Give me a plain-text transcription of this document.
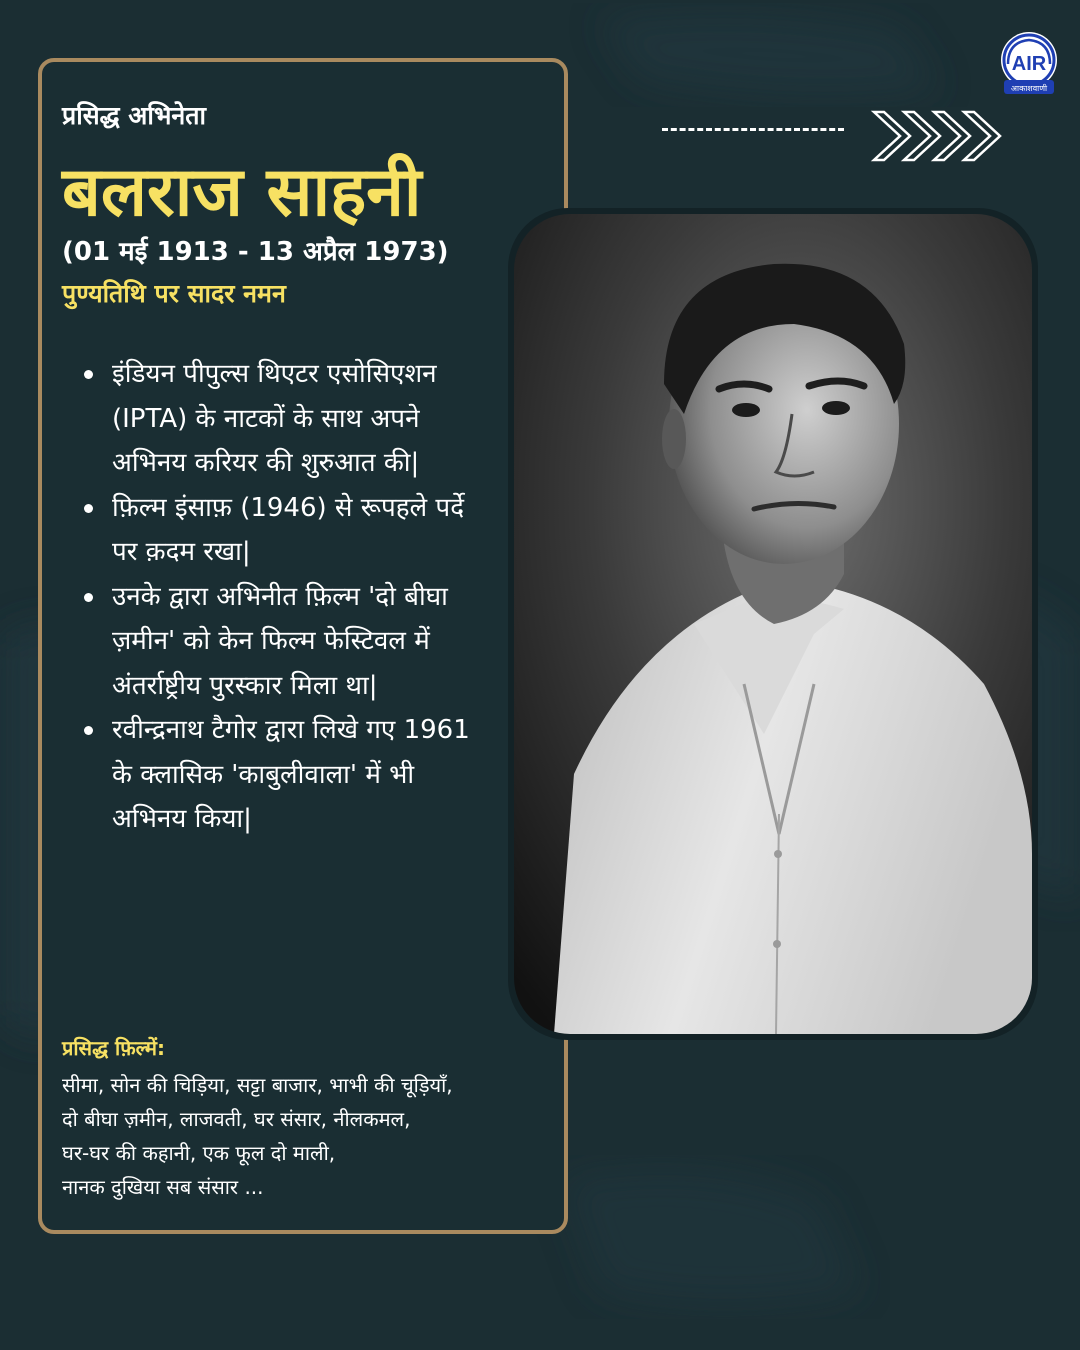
प्रसिद्ध अभिनेता
बलराज साहनी
(01 मई 1913 - 13 अप्रैल 1973)
पुण्यतिथि पर सादर नमन
इंडियन पीपुल्स थिएटर एसोसिएशन (IPTA) के नाटकों के साथ अपने अभिनय करियर की शुरुआत की|
फ़िल्म इंसाफ़ (1946) से रूपहले पर्दे पर क़दम रखा|
उनके द्वारा अभिनीत फ़िल्म 'दो बीघा ज़मीन' को केन फिल्म फेस्टिवल में अंतर्राष्ट्रीय पुरस्कार मिला था|
रवीन्द्रनाथ टैगोर द्वारा लिखे गए 1961 के क्लासिक 'काबुलीवाला' में भी अभिनय किया|
प्रसिद्ध फ़िल्में:
सीमा, सोन की चिड़िया, सट्टा बाजार, भाभी की चूड़ियाँ,
दो बीघा ज़मीन, लाजवती, घर संसार, नीलकमल,
घर-घर की कहानी, एक फूल दो माली,
नानक दुखिया सब संसार ...
AIR
आकाशवाणी
